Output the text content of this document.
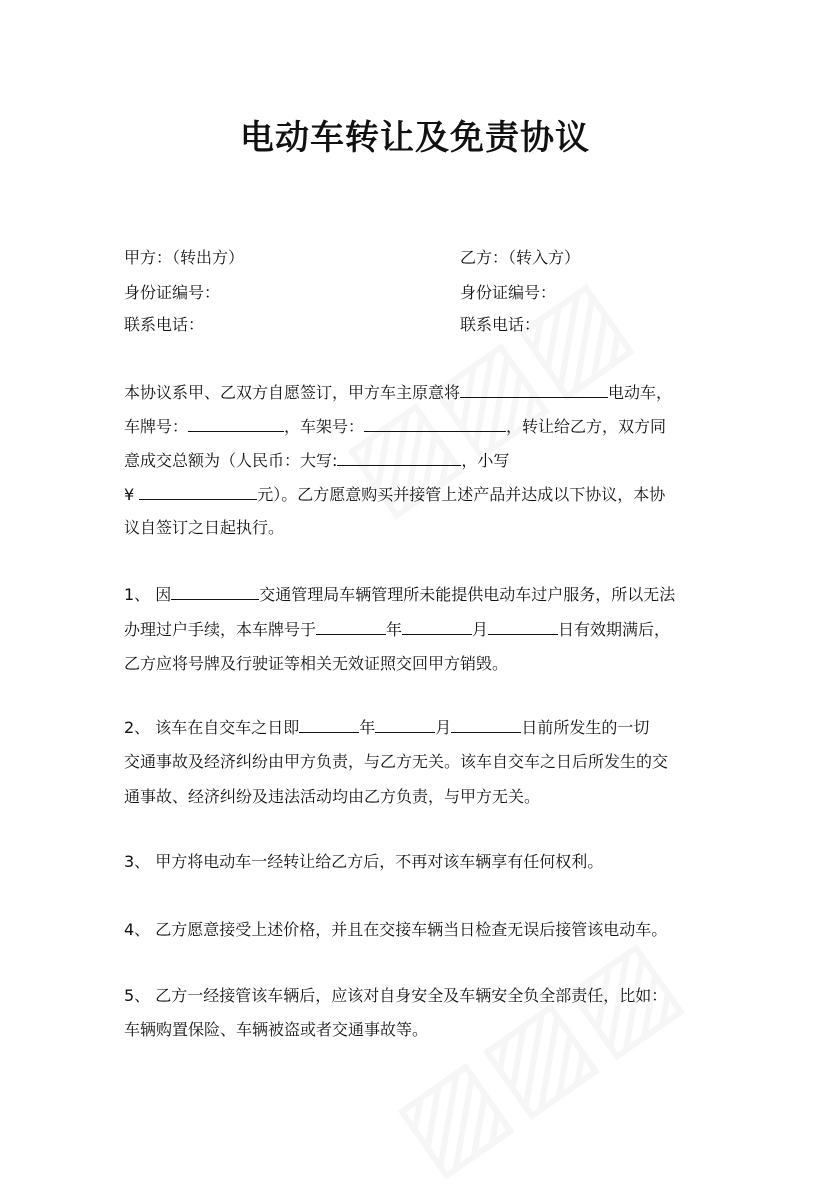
电动车转让及免责协议
甲方：（转出方）	乙方：（转入方）
身份证编号：	身份证编号：
联系电话：	联系电话：
本协议系甲、乙双方自愿签订，甲方车主原意将	电动车，
车牌号：	，车架号：	，转让给乙方，双方同
意成交总额为（人民币：大写:	，小写
¥	元）。乙方愿意购买并接管上述产品并达成以下协议，本协
议自签订之日起执行。
1、 因	交通管理局车辆管理所未能提供电动车过户服务，所以无法
办理过户手续，本车牌号于	年	月	日有效期满后，
乙方应将号牌及行驶证等相关无效证照交回甲方销毁。
2、 该车在自交车之日即	年	月	日前所发生的一切
交通事故及经济纠纷由甲方负责，与乙方无关。该车自交车之日后所发生的交
通事故、经济纠纷及违法活动均由乙方负责，与甲方无关。
3、 甲方将电动车一经转让给乙方后，不再对该车辆享有任何权利。
4、 乙方愿意接受上述价格，并且在交接车辆当日检查无误后接管该电动车。
5、 乙方一经接管该车辆后，应该对自身安全及车辆安全负全部责任，比如：
车辆购置保险、车辆被盗或者交通事故等。
